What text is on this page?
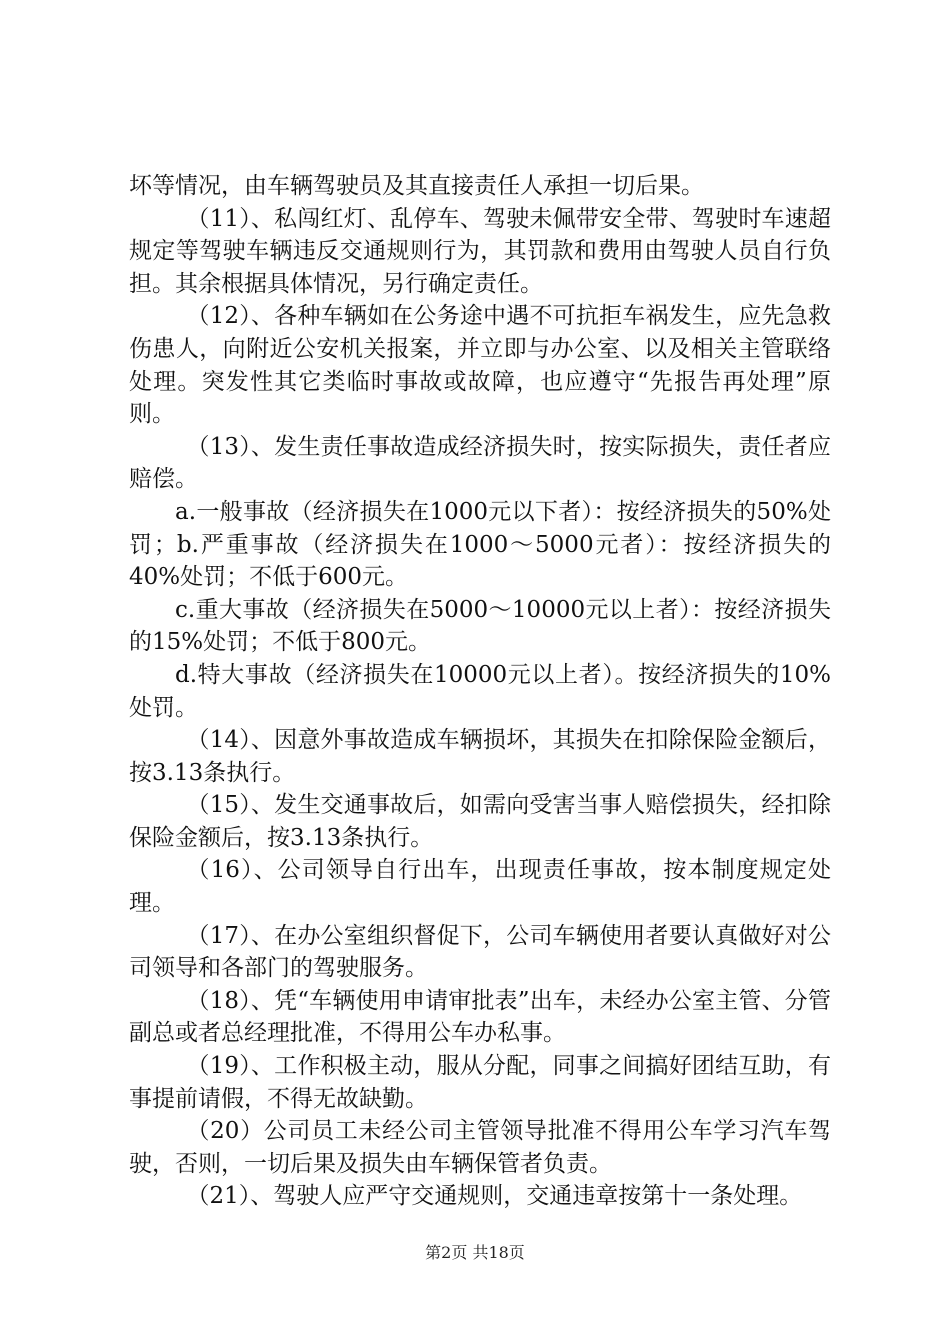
坏等情况，由车辆驾驶员及其直接责任人承担一切后果。

（11）、私闯红灯、乱停车、驾驶未佩带安全带、驾驶时车速超规定等驾驶车辆违反交通规则行为，其罚款和费用由驾驶人员自行负担。其余根据具体情况，另行确定责任。

（12）、各种车辆如在公务途中遇不可抗拒车祸发生，应先急救伤患人，向附近公安机关报案，并立即与办公室、以及相关主管联络处理。突发性其它类临时事故或故障，也应遵守“先报告再处理”原则。

（13）、发生责任事故造成经济损失时，按实际损失，责任者应赔偿。

a.一般事故（经济损失在1000元以下者）：按经济损失的50%处罚；b.严重事故（经济损失在1000～5000元者）：按经济损失的40%处罚；不低于600元。

c.重大事故（经济损失在5000～10000元以上者）：按经济损失的15%处罚；不低于800元。

d.特大事故（经济损失在10000元以上者）。按经济损失的10%处罚。

（14）、因意外事故造成车辆损坏，其损失在扣除保险金额后，按3.13条执行。

（15）、发生交通事故后，如需向受害当事人赔偿损失，经扣除保险金额后，按3.13条执行。

（16）、公司领导自行出车，出现责任事故，按本制度规定处理。

（17）、在办公室组织督促下，公司车辆使用者要认真做好对公司领导和各部门的驾驶服务。

（18）、凭“车辆使用申请审批表”出车，未经办公室主管、分管副总或者总经理批准，不得用公车办私事。

（19）、工作积极主动，服从分配，同事之间搞好团结互助，有事提前请假，不得无故缺勤。

（20）公司员工未经公司主管领导批准不得用公车学习汽车驾驶，否则，一切后果及损失由车辆保管者负责。

（21）、驾驶人应严守交通规则，交通违章按第十一条处理。

第2页 共18页
